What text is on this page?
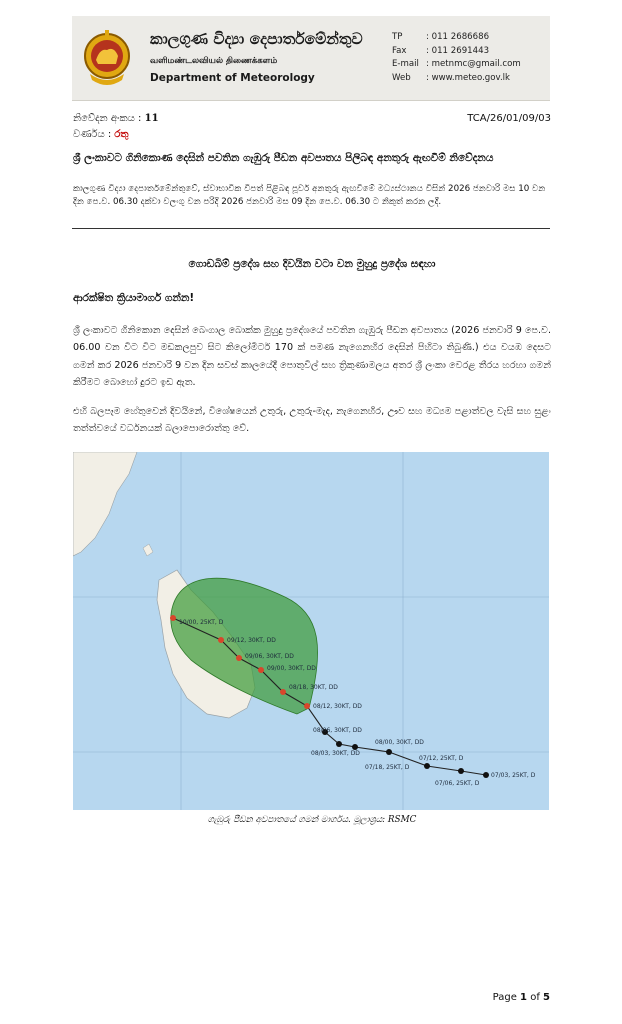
කාලගුණ විද්‍යා දෙපාර්තමේන්තුව
வளிமண்டலவியல் திணைக்களம்
Department of Meteorology
TP	: 011 2686686
Fax	: 011 2691443
E-mail : metnmc@gmail.com
Web	: www.meteo.gov.lk
නිවේදන අංකය : 11
වර්ණය : රතු
TCA/26/01/09/03
ශ්‍රී ලංකාවට ගිනිකොණ දෙසින් පවතින ගැඹුරු පීඩන අවපාතය පිලිබඳ අනතුරු ඇඟවීම් නිවේදනය
කාලගුණ විද්‍යා දෙපාර්තමේන්තුවේ, ස්වාභාවික විපත් පිළිබඳ පූර්ව අනතුරු ඇඟවීමේ මධ්‍යස්ථානය විසින් 2026 ජනවාරි මස 10 වන දින පෙ.ව. 06.30 දක්වා වලංගු වන පරිදි 2026 ජනවාරි මස 09 දින පෙ.ව. 06.30 ට නිකුත් කරන ලදී.
ගොඩබිම් ප්‍රදේශ සහ දිවයින වටා වන මුහුදු ප්‍රදේශ සඳහා
ආරක්ෂිත ක්‍රියාමාර්ග ගන්න!
ශ්‍රී ලංකාවට ගිනිකොන දෙසින් බෙංගාල බොක්ක මුහුදු ප්‍රදේශයේ පවතින ගැඹුරු පීඩන අවපාතය (2026 ජනවාරි 9 පෙ.ව. 06.00 වන විට විට මඩකලපුව සිට කිලෝමීටර් 170 ක් පමණ නැගෙනහිර දෙසින් පිහිටා තිබුණි.) එය වයඹ දෙසට ගමන් කර 2026 ජනවාරි 9 වන දින සවස් කාලයේදී පොතුවිල් සහ ත්‍රිකුණාමලය අතර ශ්‍රී ලංකා වෙරළ තීරය හරහා ගමන් කිරීමට බොහෝ දුරට ඉඩ ඇත.
එහි බලපෑම හේතුවෙන් දිවයිනේ, විශේෂයෙන් උතුරු, උතුරු-මැද, නැගෙනහිර, ඌව සහ මධ්‍යම පළාත්වල වැසි සහ සුළං තත්ත්වයේ වර්ධනයක් බලාපොරොත්තු වේ.
07/03, 25KT, D
07/06, 25KT, D
07/12, 25KT, D
07/18, 25KT, D
08/00, 30KT, DD
08/03, 30KT, DD
08/06, 30KT, DD
08/12, 30KT, DD
08/18, 30KT, DD
09/00, 30KT, DD
09/06, 30KT, DD
09/12, 30KT, DD
10/00, 25KT, D
ගැඹුරු පීඩන අවපාතයේ ගමන් මාර්ගය. මූලාශ්‍රය: RSMC
Page 1 of 5
